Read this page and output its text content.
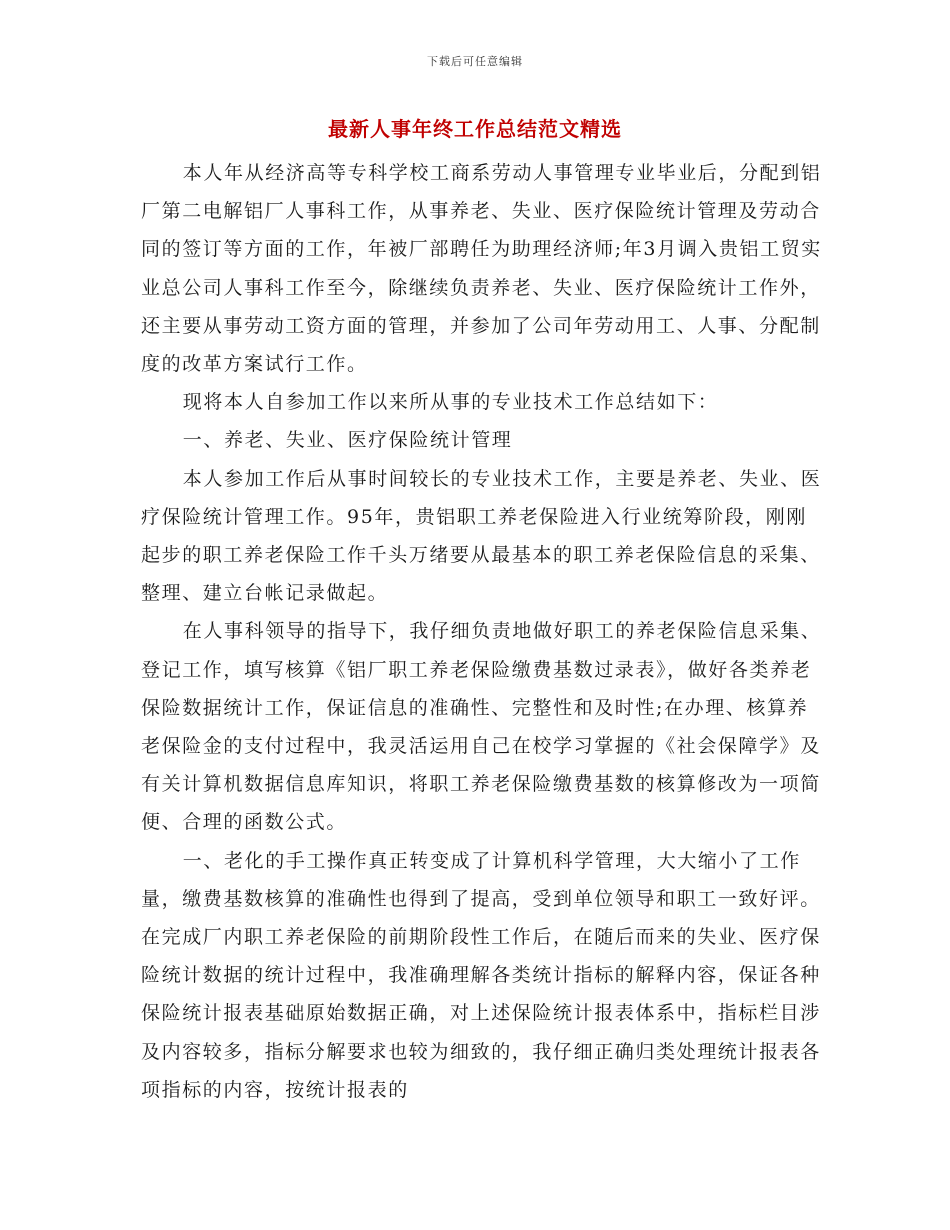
下载后可任意编辑
最新人事年终工作总结范文精选

本人年从经济高等专科学校工商系劳动人事管理专业毕业后，分配到铝厂第二电解铝厂人事科工作，从事养老、失业、医疗保险统计管理及劳动合同的签订等方面的工作，年被厂部聘任为助理经济师;年3月调入贵铝工贸实业总公司人事科工作至今，除继续负责养老、失业、医疗保险统计工作外，还主要从事劳动工资方面的管理，并参加了公司年劳动用工、人事、分配制度的改革方案试行工作。

现将本人自参加工作以来所从事的专业技术工作总结如下：

一、养老、失业、医疗保险统计管理

本人参加工作后从事时间较长的专业技术工作，主要是养老、失业、医疗保险统计管理工作。95年，贵铝职工养老保险进入行业统筹阶段，刚刚起步的职工养老保险工作千头万绪要从最基本的职工养老保险信息的采集、整理、建立台帐记录做起。

在人事科领导的指导下，我仔细负责地做好职工的养老保险信息采集、登记工作，填写核算《铝厂职工养老保险缴费基数过录表》，做好各类养老保险数据统计工作，保证信息的准确性、完整性和及时性;在办理、核算养老保险金的支付过程中，我灵活运用自己在校学习掌握的《社会保障学》及有关计算机数据信息库知识，将职工养老保险缴费基数的核算修改为一项简便、合理的函数公式。

一、老化的手工操作真正转变成了计算机科学管理，大大缩小了工作量，缴费基数核算的准确性也得到了提高，受到单位领导和职工一致好评。在完成厂内职工养老保险的前期阶段性工作后，在随后而来的失业、医疗保险统计数据的统计过程中，我准确理解各类统计指标的解释内容，保证各种保险统计报表基础原始数据正确，对上述保险统计报表体系中，指标栏目涉及内容较多，指标分解要求也较为细致的，我仔细正确归类处理统计报表各项指标的内容，按统计报表的
